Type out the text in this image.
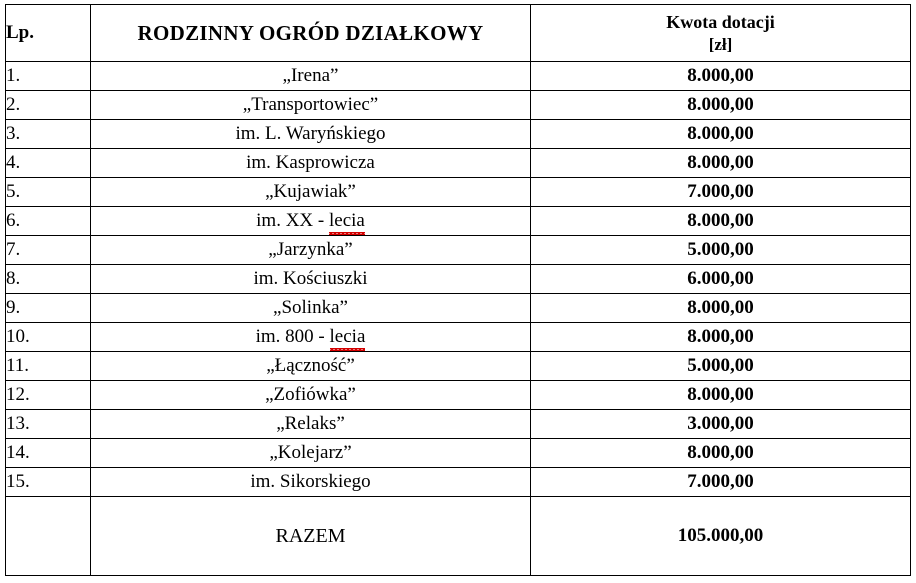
Lp.	RODZINNY OGRÓD DZIAŁKOWY	Kwota dotacji
[zł]

1.	„Irena”	8.000,00
2.	„Transportowiec”	8.000,00
3.	im. L. Waryńskiego	8.000,00
4.	im. Kasprowicza	8.000,00
5.	„Kujawiak”	7.000,00
6.	im. XX - lecia	8.000,00
7.	„Jarzynka”	5.000,00
8.	im. Kościuszki	6.000,00
9.	„Solinka”	8.000,00
10.	im. 800 - lecia	8.000,00
11.	„Łączność”	5.000,00
12.	„Zofiówka”	8.000,00
13.	„Relaks”	3.000,00
14.	„Kolejarz”	8.000,00
15.	im. Sikorskiego	7.000,00
	RAZEM	105.000,00
